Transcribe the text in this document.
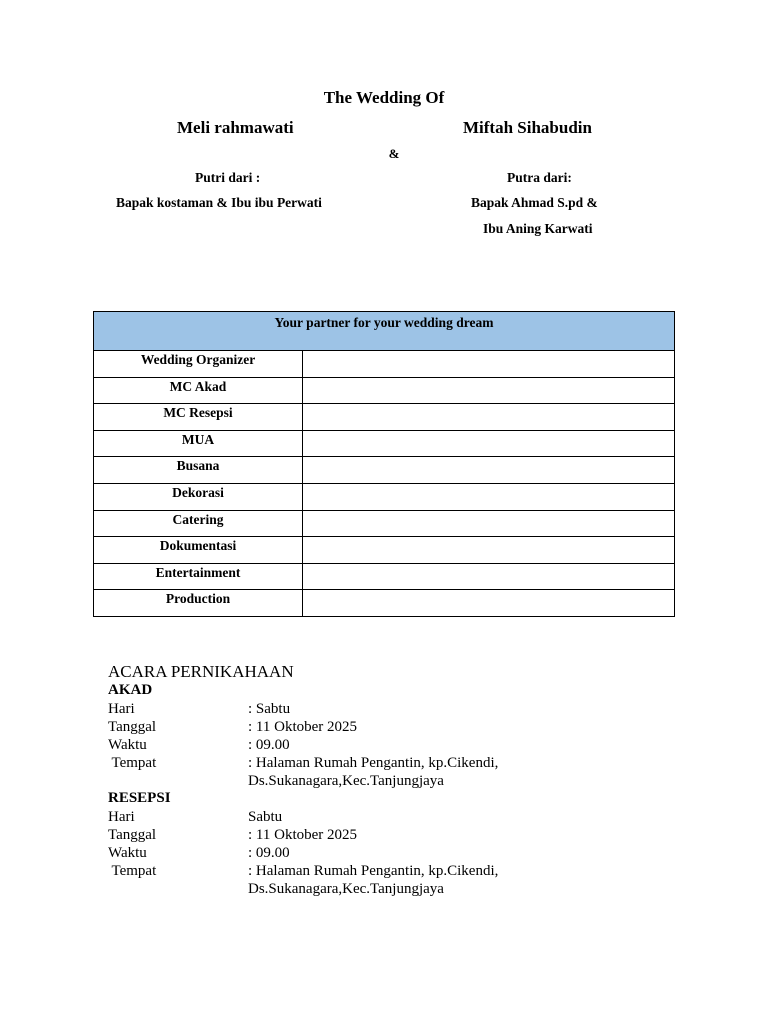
The Wedding Of
Meli rahmawati	Miftah Sihabudin
&
Putri dari :
Bapak kostaman & Ibu ibu Perwati
Putra dari:
Bapak Ahmad S.pd &
Ibu Aning Karwati
Your partner for your wedding dream	
Wedding Organizer	
MC Akad	
MC Resepsi	
MUA	
Busana	
Dekorasi	
Catering	
Dokumentasi	
Entertainment	
Production	
ACARA PERNIKAHAAN
AKAD
Hari	: Sabtu
Tanggal	: 11 Oktober 2025
Waktu	: 09.00
Tempat	: Halaman Rumah Pengantin, kp.Cikendi,
Ds.Sukanagara,Kec.Tanjungjaya
RESEPSI
Hari	Sabtu
Tanggal	: 11 Oktober 2025
Waktu	: 09.00
Tempat	: Halaman Rumah Pengantin, kp.Cikendi,
Ds.Sukanagara,Kec.Tanjungjaya
